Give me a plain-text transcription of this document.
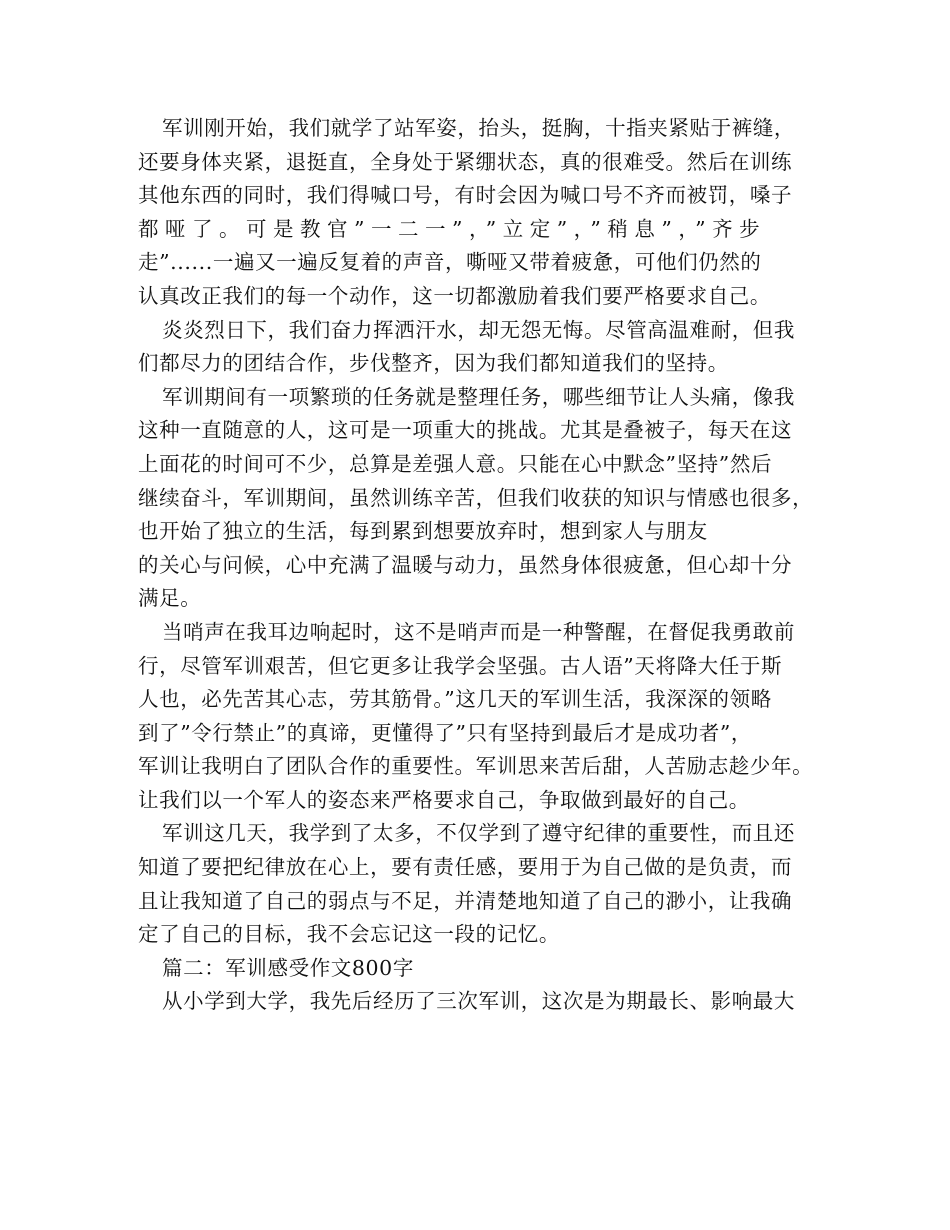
军训刚开始，我们就学了站军姿，抬头，挺胸，十指夹紧贴于裤缝，
还要身体夹紧，退挺直，全身处于紧绷状态，真的很难受。然后在训练
其他东西的同时，我们得喊口号，有时会因为喊口号不齐而被罚，嗓子
都哑了。可是教官”一二一”，”立定”，”稍息”，”齐步
走”......一遍又一遍反复着的声音，嘶哑又带着疲惫，可他们仍然的
认真改正我们的每一个动作，这一切都激励着我们要严格要求自己。
炎炎烈日下，我们奋力挥洒汗水，却无怨无悔。尽管高温难耐，但我
们都尽力的团结合作，步伐整齐，因为我们都知道我们的坚持。
军训期间有一项繁琐的任务就是整理任务，哪些细节让人头痛，像我
这种一直随意的人，这可是一项重大的挑战。尤其是叠被子，每天在这
上面花的时间可不少，总算是差强人意。只能在心中默念”坚持”然后
继续奋斗，军训期间，虽然训练辛苦，但我们收获的知识与情感也很多，
也开始了独立的生活，每到累到想要放弃时，想到家人与朋友
的关心与问候，心中充满了温暖与动力，虽然身体很疲惫，但心却十分
满足。
当哨声在我耳边响起时，这不是哨声而是一种警醒，在督促我勇敢前
行，尽管军训艰苦，但它更多让我学会坚强。古人语”天将降大任于斯
人也，必先苦其心志，劳其筋骨。”这几天的军训生活，我深深的领略
到了”令行禁止”的真谛，更懂得了”只有坚持到最后才是成功者”，
军训让我明白了团队合作的重要性。军训思来苦后甜，人苦励志趁少年。
让我们以一个军人的姿态来严格要求自己，争取做到最好的自己。
军训这几天，我学到了太多，不仅学到了遵守纪律的重要性，而且还
知道了要把纪律放在心上，要有责任感，要用于为自己做的是负责，而
且让我知道了自己的弱点与不足，并清楚地知道了自己的渺小，让我确
定了自己的目标，我不会忘记这一段的记忆。
篇二：军训感受作文800字
从小学到大学，我先后经历了三次军训，这次是为期最长、影响最大
